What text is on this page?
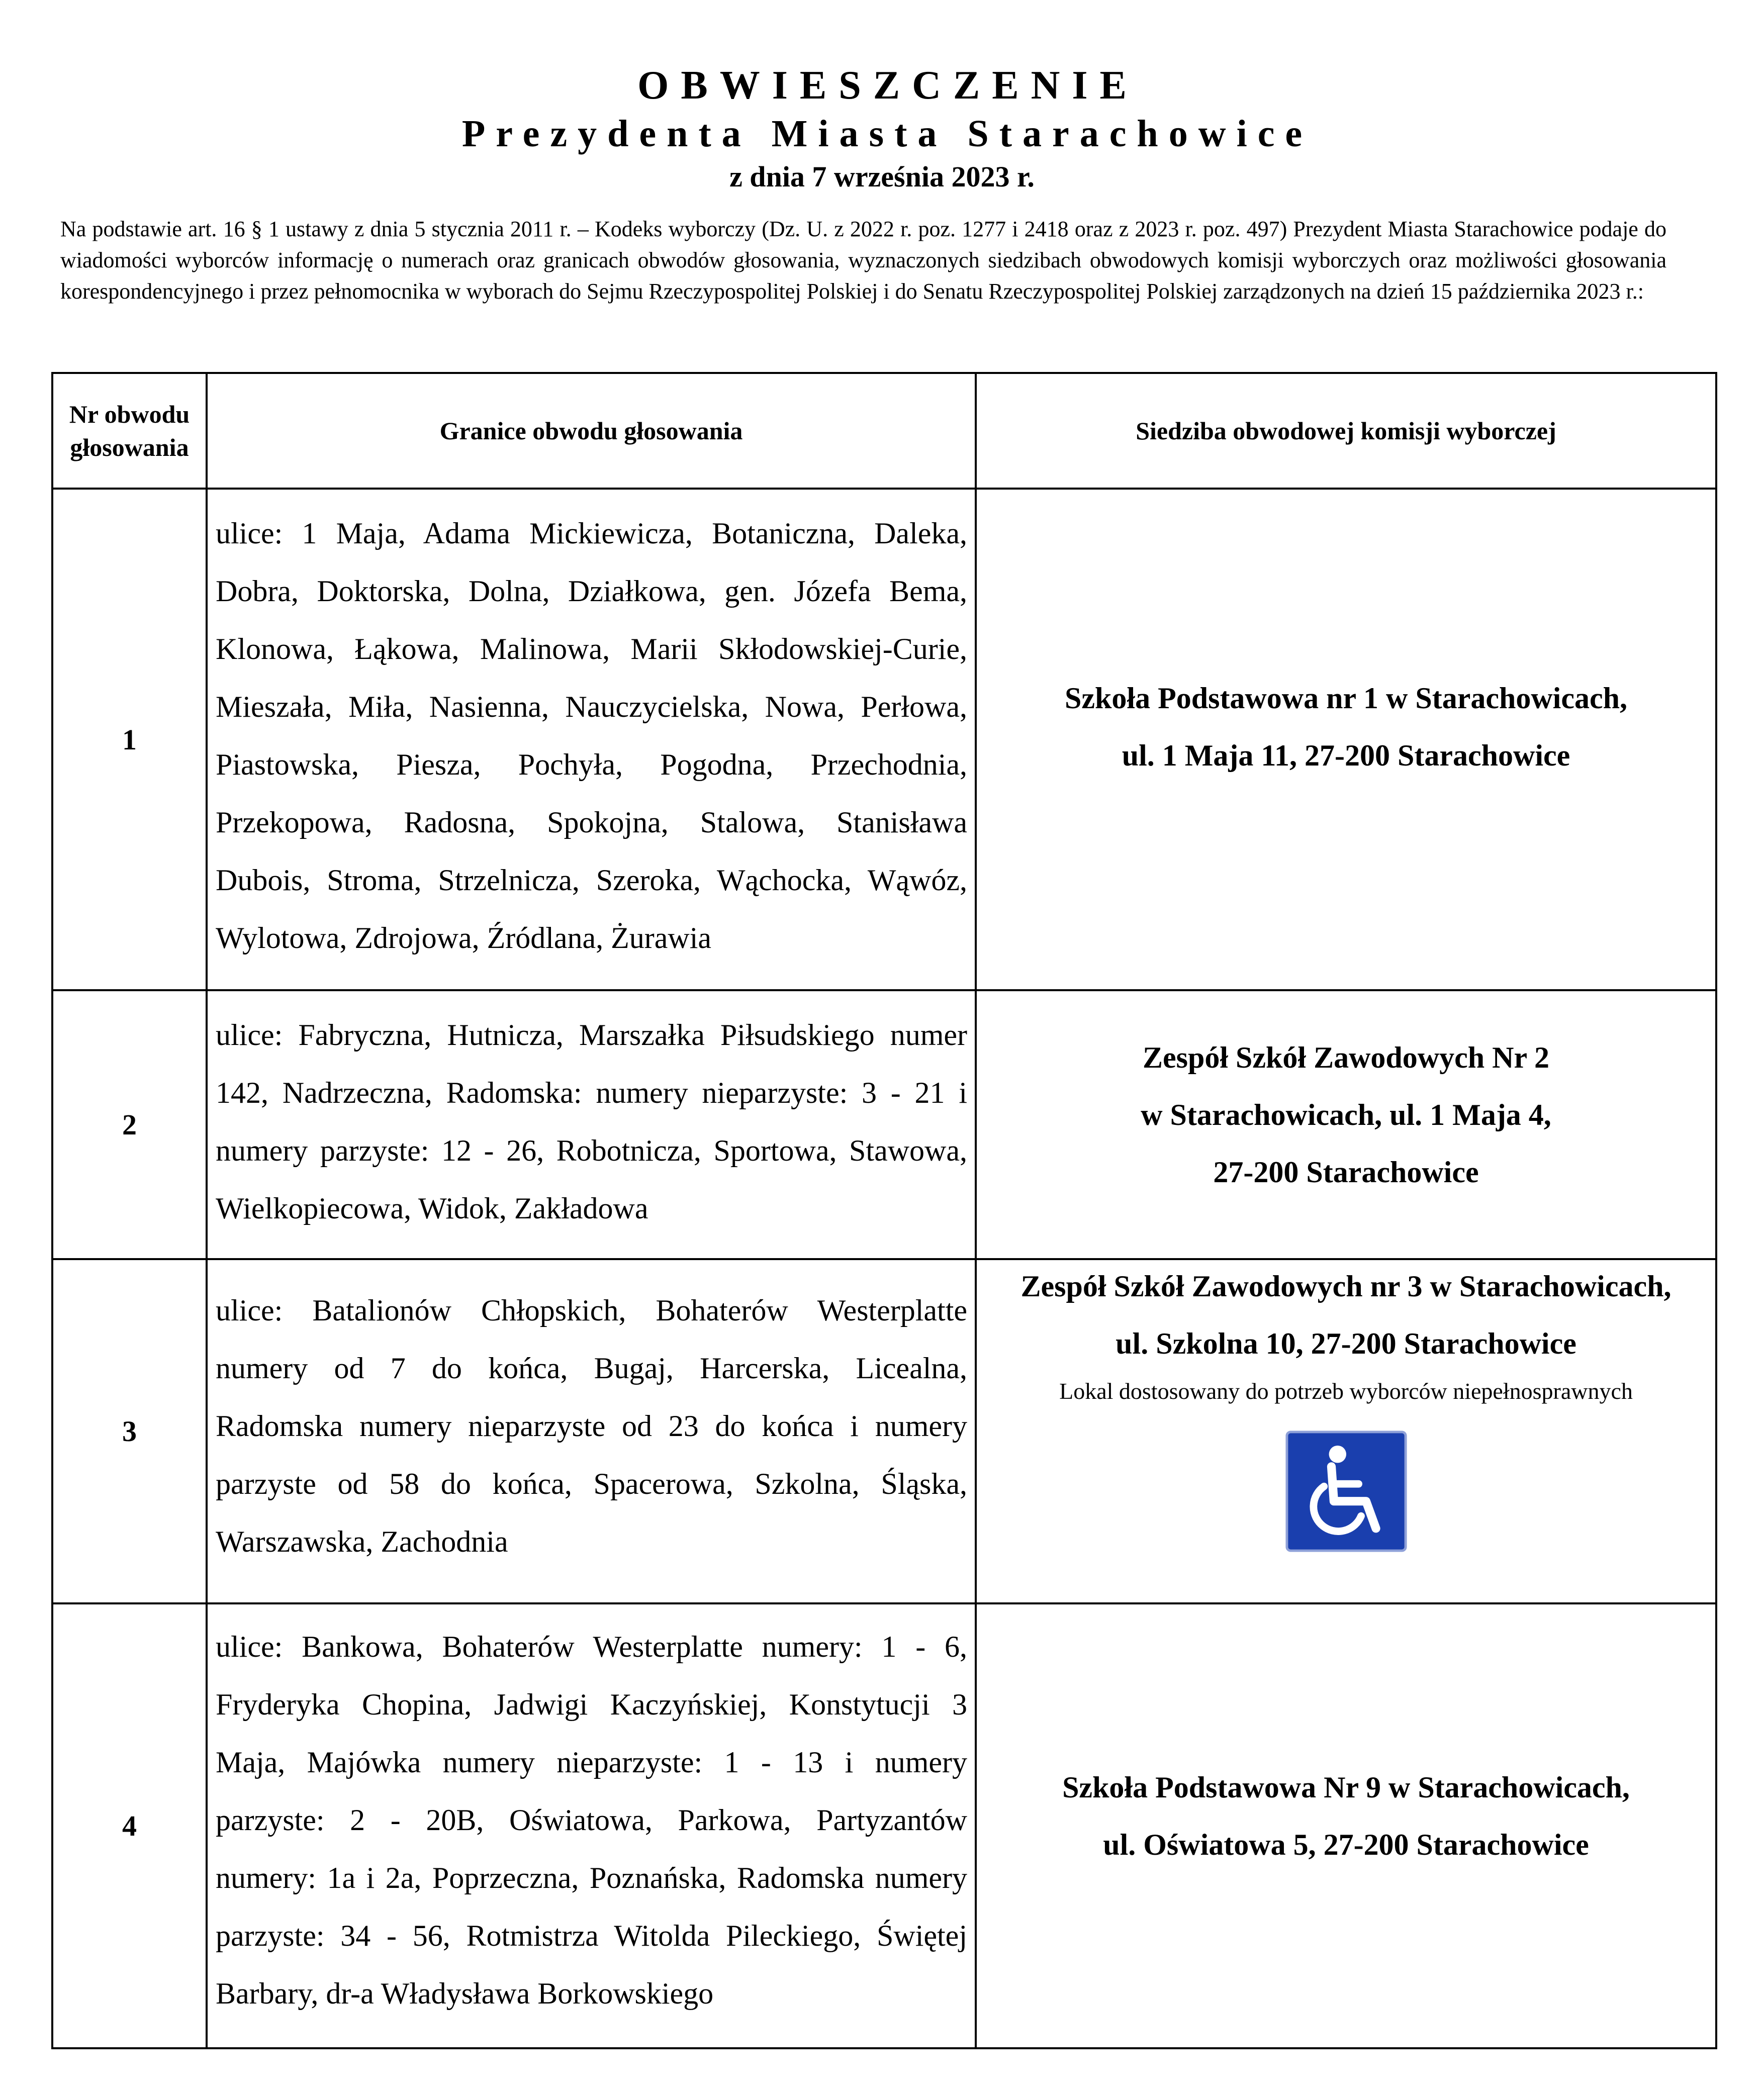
OBWIESZCZENIE
Prezydenta Miasta Starachowice
z dnia 7 września 2023 r.
Na podstawie art. 16 § 1 ustawy z dnia 5 stycznia 2011 r. – Kodeks wyborczy (Dz. U. z 2022 r. poz. 1277 i 2418 oraz z 2023 r. poz. 497) Prezydent Miasta Starachowice podaje do wiadomości wyborców informację o numerach oraz granicach obwodów głosowania, wyznaczonych siedzibach obwodowych komisji wyborczych oraz możliwości głosowania korespondencyjnego i przez pełnomocnika w wyborach do Sejmu Rzeczypospolitej Polskiej i do Senatu Rzeczypospolitej Polskiej zarządzonych na dzień 15 października 2023 r.:
Nr obwodu głosowania
Granice obwodu głosowania	Siedziba obwodowej komisji wyborczej
1
ulice: 1 Maja, Adama Mickiewicza, Botaniczna, Daleka, Dobra, Doktorska, Dolna, Działkowa, gen. Józefa Bema, Klonowa, Łąkowa, Malinowa, Marii Skłodowskiej-Curie, Mieszała, Miła, Nasienna, Nauczycielska, Nowa, Perłowa, Piastowska, Piesza, Pochyła, Pogodna, Przechodnia, Przekopowa, Radosna, Spokojna, Stalowa, Stanisława Dubois, Stroma, Strzelnicza, Szeroka, Wąchocka, Wąwóz, Wylotowa, Zdrojowa, Źródlana, Żurawia
Szkoła Podstawowa nr 1 w Starachowicach,
ul. 1 Maja 11, 27-200 Starachowice
2
ulice: Fabryczna, Hutnicza, Marszałka Piłsudskiego numer 142, Nadrzeczna, Radomska: numery nieparzyste: 3 - 21 i numery parzyste: 12 - 26, Robotnicza, Sportowa, Stawowa, Wielkopiecowa, Widok, Zakładowa
Zespół Szkół Zawodowych Nr 2
w Starachowicach, ul. 1 Maja 4,
27-200 Starachowice
3
ulice: Batalionów Chłopskich, Bohaterów Westerplatte numery od 7 do końca, Bugaj, Harcerska, Licealna, Radomska numery nieparzyste od 23 do końca i numery parzyste od 58 do końca, Spacerowa, Szkolna, Śląska, Warszawska, Zachodnia
Zespół Szkół Zawodowych nr 3 w Starachowicach,
ul. Szkolna 10, 27-200 Starachowice
Lokal dostosowany do potrzeb wyborców niepełnosprawnych
4
ulice: Bankowa, Bohaterów Westerplatte numery: 1 - 6, Fryderyka Chopina, Jadwigi Kaczyńskiej, Konstytucji 3 Maja, Majówka numery nieparzyste: 1 - 13 i numery parzyste: 2 - 20B, Oświatowa, Parkowa, Partyzantów numery: 1a i 2a, Poprzeczna, Poznańska, Radomska numery parzyste: 34 - 56, Rotmistrza Witolda Pileckiego, Świętej Barbary, dr-a Władysława Borkowskiego
Szkoła Podstawowa Nr 9 w Starachowicach,
ul. Oświatowa 5, 27-200 Starachowice
